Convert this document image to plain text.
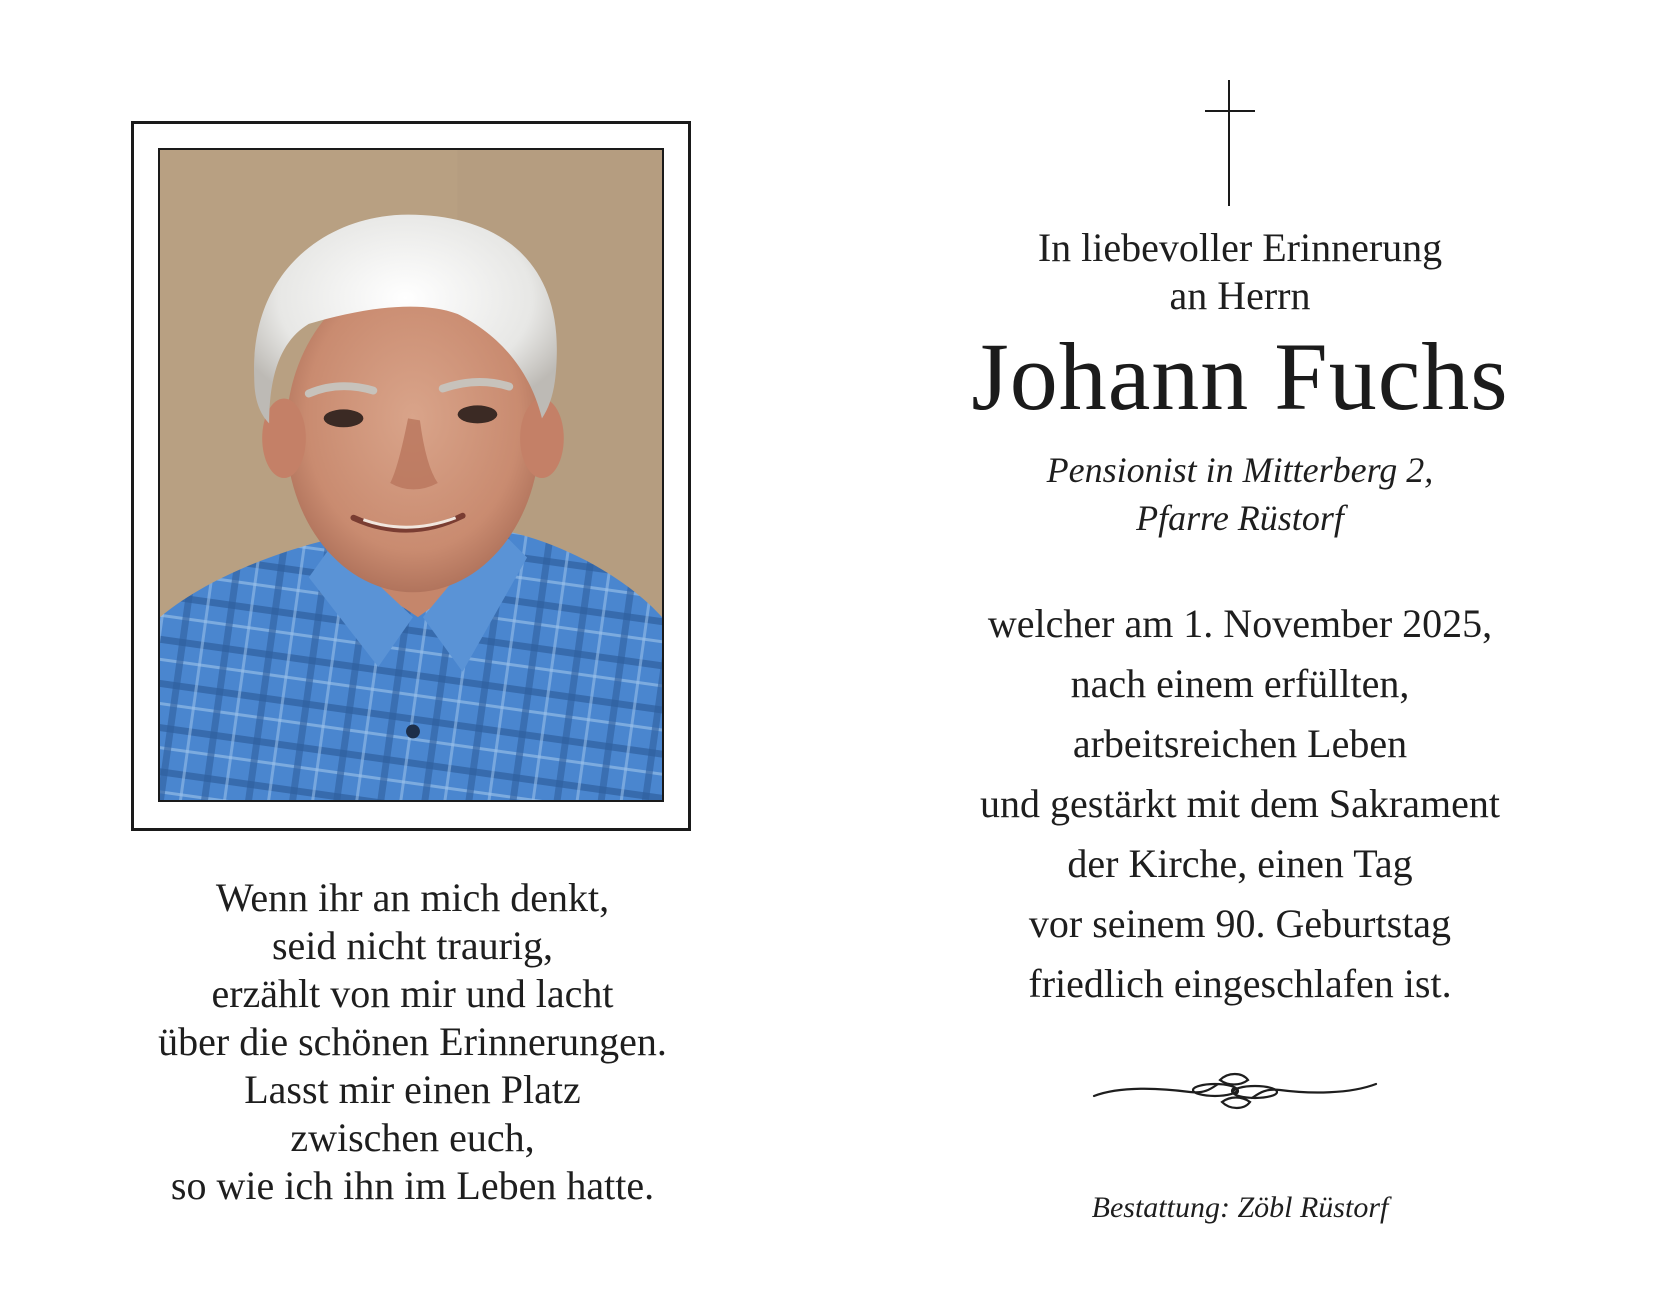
Wenn ihr an mich denkt,
seid nicht traurig,
erzählt von mir und lacht
über die schönen Erinnerungen.
Lasst mir einen Platz
zwischen euch,
so wie ich ihn im Leben hatte.
In liebevoller Erinnerung
an Herrn
Johann Fuchs
Pensionist in Mitterberg 2,
Pfarre Rüstorf
welcher am 1. November 2025,
nach einem erfüllten,
arbeitsreichen Leben
und gestärkt mit dem Sakrament
der Kirche, einen Tag
vor seinem 90. Geburtstag
friedlich eingeschlafen ist.
Bestattung: Zöbl Rüstorf
